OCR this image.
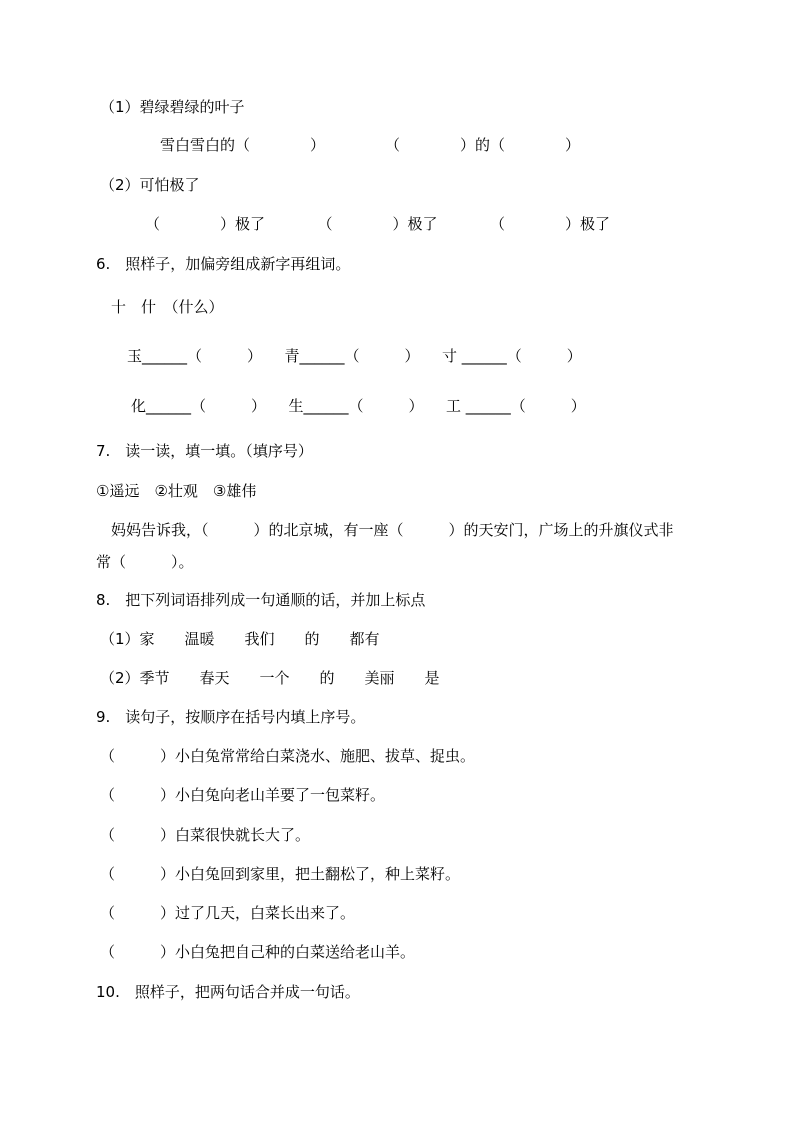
（1）碧绿碧绿的叶子
雪白雪白的（　　　　）　　　　　（　　　　）的（　　　　）
（2）可怕极了
（　　　　）极了　　　　（　　　　）极了　　　　（　　　　）极了
6.　照样子，加偏旁组成新字再组词。
十　什　（什么）
玉______（　　　）　　青______（　　　）　　寸 ______（　　　）
化______（　　　）　　生______（　　　）　　工 ______（　　　）
7.　读一读，填一填。（填序号）
①遥远　②壮观　③雄伟
　妈妈告诉我，（　　　）的北京城，有一座（　　　）的天安门，广场上的升旗仪式非
常（　　　）。
8.　把下列词语排列成一句通顺的话，并加上标点
（1）家　　温暖　　我们　　的　　都有
（2）季节　　春天　　一个　　的　　美丽　　是
9.　读句子，按顺序在括号内填上序号。
（　　　）小白兔常常给白菜浇水、施肥、拔草、捉虫。
（　　　）小白兔向老山羊要了一包菜籽。
（　　　）白菜很快就长大了。
（　　　）小白兔回到家里，把土翻松了，种上菜籽。
（　　　）过了几天，白菜长出来了。
（　　　）小白兔把自己种的白菜送给老山羊。
10.　照样子，把两句话合并成一句话。
